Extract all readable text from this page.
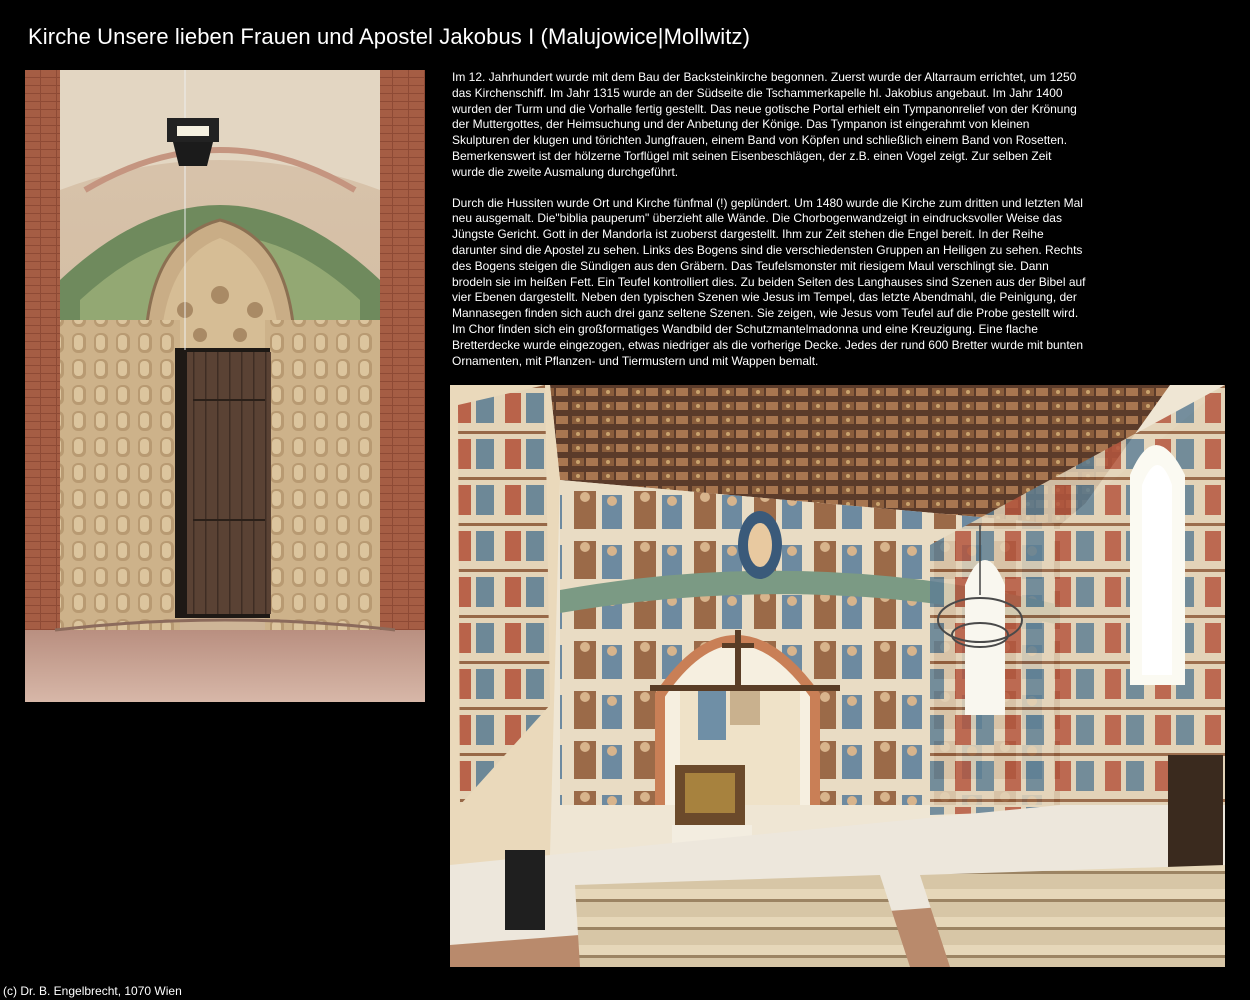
Kirche Unsere lieben Frauen und Apostel Jakobus I (Malujowice|Mollwitz)

Im 12. Jahrhundert wurde mit dem Bau der Backsteinkirche begonnen. Zuerst wurde der Altarraum errichtet, um 1250 das Kirchenschiff. Im Jahr 1315 wurde an der Südseite die Tschammerkapelle hl. Jakobius angebaut. Im Jahr 1400 wurden der Turm und die Vorhalle fertig gestellt. Das neue gotische Portal erhielt ein Tympanonrelief von der Krönung der Muttergottes, der Heimsuchung und der Anbetung der Könige. Das Tympanon ist eingerahmt von kleinen Skulpturen der klugen und törichten Jungfrauen, einem Band von Köpfen und schließlich einem Band von Rosetten. Bemerkenswert ist der hölzerne Torflügel mit seinen Eisenbeschlägen, der z.B. einen Vogel zeigt. Zur selben Zeit wurde die zweite Ausmalung durchgeführt.

Durch die Hussiten wurde Ort und Kirche fünfmal (!) geplündert. Um 1480 wurde die Kirche zum dritten und letzten Mal neu ausgemalt. Die"biblia pauperum" überzieht alle Wände. Die Chorbogenwandzeigt in eindrucksvoller Weise das Jüngste Gericht. Gott in der Mandorla ist zuoberst dargestellt. Ihm zur Zeit stehen die Engel bereit. In der Reihe darunter sind die Apostel zu sehen. Links des Bogens sind die verschiedensten Gruppen an Heiligen zu sehen. Rechts des Bogens steigen die Sündigen aus den Gräbern. Das Teufelsmonster mit riesigem Maul verschlingt sie. Dann brodeln sie im heißen Fett. Ein Teufel kontrolliert dies. Zu beiden Seiten des Langhauses sind Szenen aus der Bibel auf vier Ebenen dargestellt. Neben den typischen Szenen wie Jesus im Tempel, das letzte Abendmahl, die Peinigung, der Mannasegen finden sich auch drei ganz seltene Szenen. Sie zeigen, wie Jesus vom Teufel auf die Probe gestellt wird. Im Chor finden sich ein großformatiges Wandbild der Schutzmantelmadonna und eine Kreuzigung. Eine flache Bretterdecke wurde eingezogen, etwas niedriger als die vorherige Decke. Jedes der rund 600 Bretter wurde mit bunten Ornamenten, mit Pflanzen- und Tiermustern und mit Wappen bemalt.

(c) Dr. B. Engelbrecht, 1070 Wien
